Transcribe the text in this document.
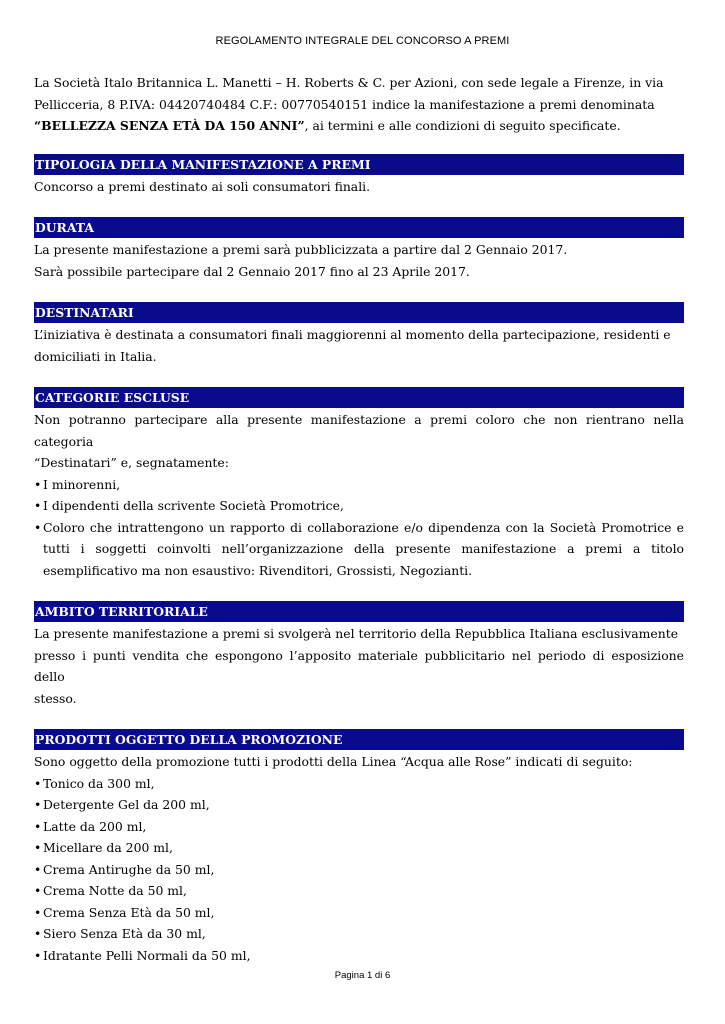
REGOLAMENTO INTEGRALE DEL CONCORSO A PREMI

La Società Italo Britannica L. Manetti – H. Roberts & C. per Azioni, con sede legale a Firenze, in via

Pellicceria, 8 P.IVA: 04420740484 C.F.: 00770540151 indice la manifestazione a premi denominata

“BELLEZZA SENZA ETÀ DA 150 ANNI”, ai termini e alle condizioni di seguito specificate.

TIPOLOGIA DELLA MANIFESTAZIONE A PREMI

Concorso a premi destinato ai soli consumatori finali.

DURATA

La presente manifestazione a premi sarà pubblicizzata a partire dal 2 Gennaio 2017.

Sarà possibile partecipare dal 2 Gennaio 2017 fino al 23 Aprile 2017.

DESTINATARI

L’iniziativa è destinata a consumatori finali maggiorenni al momento della partecipazione, residenti e

domiciliati in Italia.

CATEGORIE ESCLUSE

Non potranno partecipare alla presente manifestazione a premi coloro che non rientrano nella categoria

“Destinatari” e, segnatamente:

• I minorenni,
• I dipendenti della scrivente Società Promotrice,
• Coloro che intrattengono un rapporto di collaborazione e/o dipendenza con la Società Promotrice e tutti i soggetti coinvolti nell’organizzazione della presente manifestazione a premi a titolo esemplificativo ma non esaustivo: Rivenditori, Grossisti, Negozianti.
AMBITO TERRITORIALE

La presente manifestazione a premi si svolgerà nel territorio della Repubblica Italiana esclusivamente

presso i punti vendita che espongono l’apposito materiale pubblicitario nel periodo di esposizione dello

stesso.

PRODOTTI OGGETTO DELLA PROMOZIONE

Sono oggetto della promozione tutti i prodotti della Linea “Acqua alle Rose” indicati di seguito:

• Tonico da 300 ml,
• Detergente Gel da 200 ml,
• Latte da 200 ml,
• Micellare da 200 ml,
• Crema Antirughe da 50 ml,
• Crema Notte da 50 ml,
• Crema Senza Età da 50 ml,
• Siero Senza Età da 30 ml,
• Idratante Pelli Normali da 50 ml,
Pagina 1 di 6
